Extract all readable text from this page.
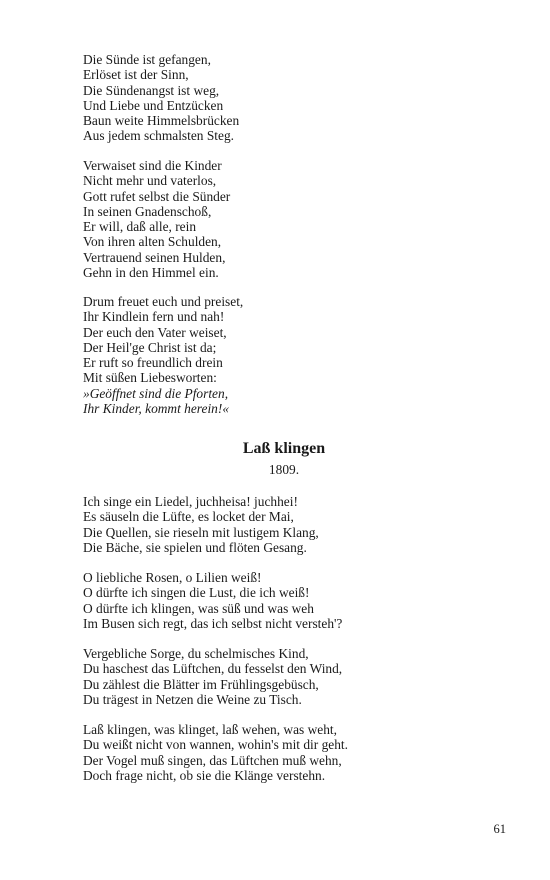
Die Sünde ist gefangen,
Erlöset ist der Sinn,
Die Sündenangst ist weg,
Und Liebe und Entzücken
Baun weite Himmelsbrücken
Aus jedem schmalsten Steg.
Verwaiset sind die Kinder
Nicht mehr und vaterlos,
Gott rufet selbst die Sünder
In seinen Gnadenschoß,
Er will, daß alle, rein
Von ihren alten Schulden,
Vertrauend seinen Hulden,
Gehn in den Himmel ein.
Drum freuet euch und preiset,
Ihr Kindlein fern und nah!
Der euch den Vater weiset,
Der Heil'ge Christ ist da;
Er ruft so freundlich drein
Mit süßen Liebesworten:
»Geöffnet sind die Pforten,
Ihr Kinder, kommt herein!«
Laß klingen
1809.
Ich singe ein Liedel, juchheisa! juchhei!
Es säuseln die Lüfte, es locket der Mai,
Die Quellen, sie rieseln mit lustigem Klang,
Die Bäche, sie spielen und flöten Gesang.
O liebliche Rosen, o Lilien weiß!
O dürfte ich singen die Lust, die ich weiß!
O dürfte ich klingen, was süß und was weh
Im Busen sich regt, das ich selbst nicht versteh'?
Vergebliche Sorge, du schelmisches Kind,
Du haschest das Lüftchen, du fesselst den Wind,
Du zählest die Blätter im Frühlingsgebüsch,
Du trägest in Netzen die Weine zu Tisch.
Laß klingen, was klinget, laß wehen, was weht,
Du weißt nicht von wannen, wohin's mit dir geht.
Der Vogel muß singen, das Lüftchen muß wehn,
Doch frage nicht, ob sie die Klänge verstehn.
61
